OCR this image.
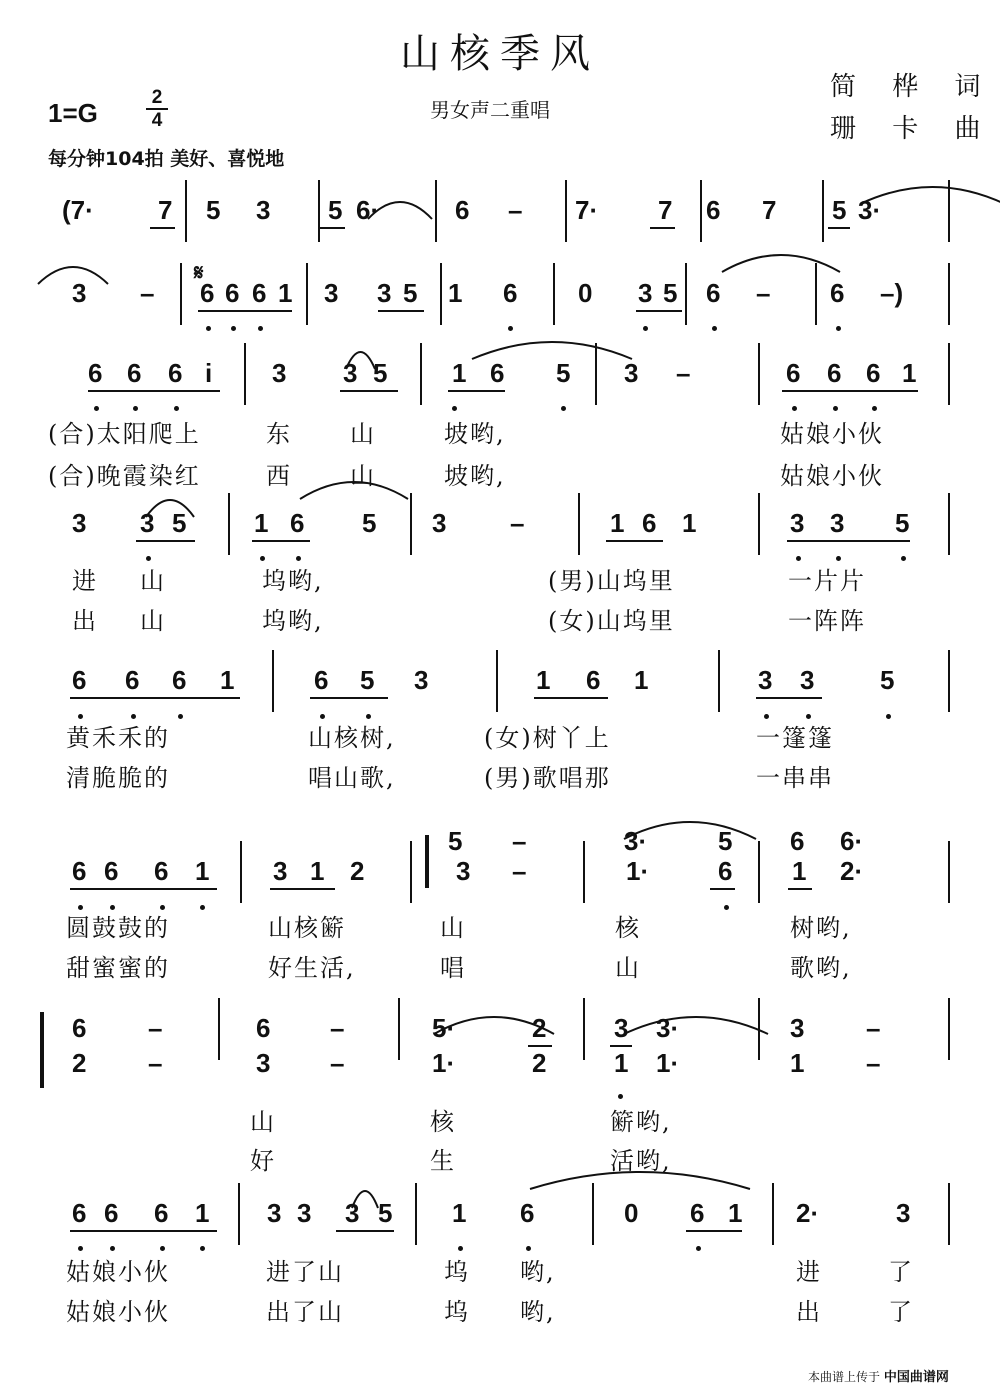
山核季风
男女声二重唱
1=G
2
4
每分钟104拍 美好、喜悦地
简 桦 词
珊 卡 曲
(7· 7 5 3 5 6·	6 – 7· 7 6 7 5 3·
3 – 6 6 6 1 3 3 5 1 6 0 3 5 6 – 6 –)
𝄋
6 6 6 i 3 3 5 1 6 5 3 –	6 6 6 1
(合)太阳爬上	东 山	坡哟,	姑娘小伙
(合)晚霞染红	西 山	坡哟,	姑娘小伙
3 3 5	1 6 5 3 –	1 6 1	3 3 5
进 山	坞哟,	(男)山坞里	一片片
出 山	坞哟,	(女)山坞里	一阵阵
6 6 6 1	6 5 3	1 6 1	3 3	5
黄禾禾的	山核树,	(女)树丫上	一篷篷
清脆脆的	唱山歌,	(男)歌唱那	一串串
6 6 6 1 3 1 2
5 –	3·	5 6 6·
3 –	1·	6 1 2·
圆鼓鼓的	山核簖	山	核	树哟,
甜蜜蜜的	好生活,	唱	山	歌哟,
6 –	6 –	5·	2	3 3·	3 –
2 –	3 –	1·	2	1 1·	1 –
山	核	簖哟,
好	生	活哟,
6 6 6 1 3 3 3 5 1 6	0 6 1 2·	3
姑娘小伙	进了山	坞 哟,	进	了
姑娘小伙	出了山	坞 哟,	出	了
本曲谱上传于 中国曲谱网
